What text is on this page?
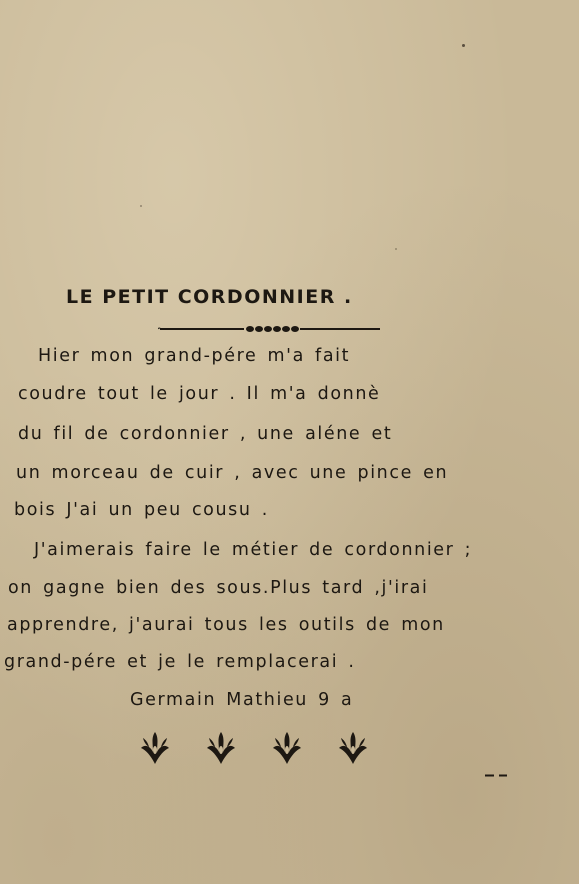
LE PETIT CORDONNIER .
Hier mon grand-pére m'a fait
coudre tout le jour . Il m'a donnè
du fil de cordonnier , une aléne et
un morceau de cuir , avec une pince en
bois J'ai un peu cousu .
J'aimerais faire le métier de cordonnier ;
on gagne bien des sous.Plus tard ,j'irai
apprendre, j'aurai tous les outils de mon
grand-pére et je le remplacerai .
Germain Mathieu 9 a
